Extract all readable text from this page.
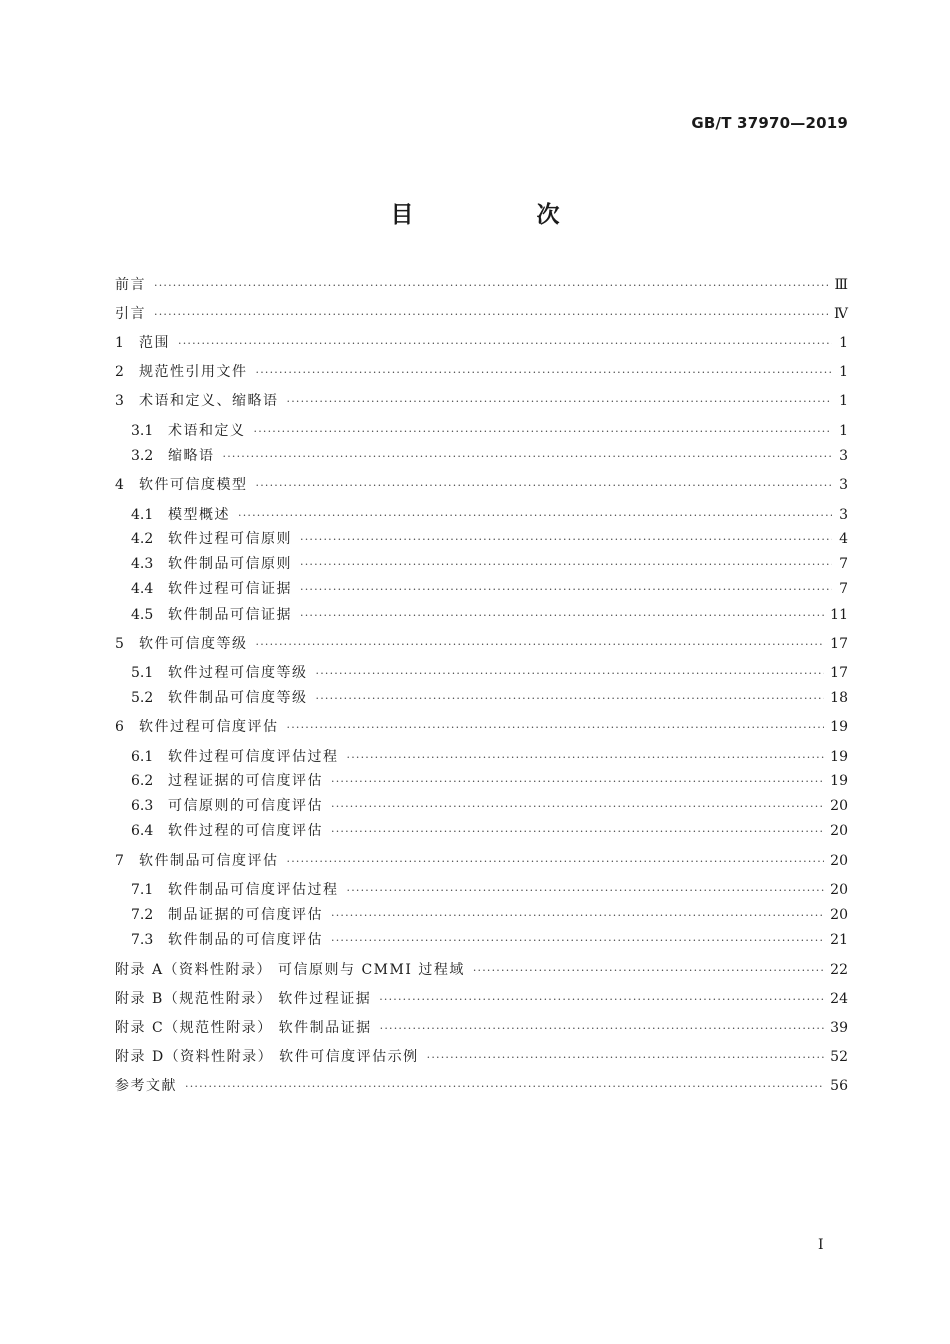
GB/T 37970—2019
目　次
前言 ·····	Ⅲ
引言 ·····	Ⅳ
1	范围 ·····	1
2	规范性引用文件 ·····	1
3	术语和定义、缩略语 ·····	1
3.1	术语和定义 ·····	1
3.2	缩略语 ·····	3
4	软件可信度模型 ·····	3
4.1	模型概述 ·····	3
4.2	软件过程可信原则 ·····	4
4.3	软件制品可信原则 ·····	7
4.4	软件过程可信证据 ·····	7
4.5	软件制品可信证据 ·····	11
5	软件可信度等级 ·····	17
5.1	软件过程可信度等级 ·····	17
5.2	软件制品可信度等级 ·····	18
6	软件过程可信度评估 ·····	19
6.1	软件过程可信度评估过程 ·····	19
6.2	过程证据的可信度评估 ·····	19
6.3	可信原则的可信度评估 ·····	20
6.4	软件过程的可信度评估 ·····	20
7	软件制品可信度评估 ·····	20
7.1	软件制品可信度评估过程 ·····	20
7.2	制品证据的可信度评估 ·····	20
7.3	软件制品的可信度评估 ·····	21
附录 A（资料性附录） 可信原则与 CMMI 过程域 ·····	22
附录 B（规范性附录） 软件过程证据 ·····	24
附录 C（规范性附录） 软件制品证据 ·····	39
附录 D（资料性附录） 软件可信度评估示例 ·····	52
参考文献 ·····	56
I
